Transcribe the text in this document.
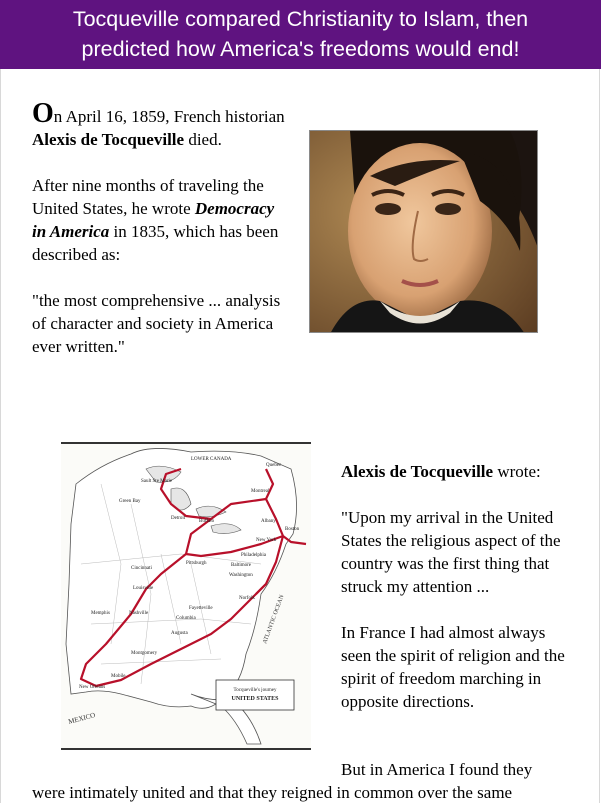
Tocqueville compared Christianity to Islam, then
predicted how America's freedoms would end!

On April 16, 1859, French historian Alexis de Tocqueville died.

After nine months of traveling the United States, he wrote Democracy in America in 1835, which has been described as:

"the most comprehensive ... analysis of character and society in America ever written."

LOWER CANADA
Quebec
Montreal
Albany
Boston
New York
Philadelphia
Baltimore
Washington
Norfolk
Pittsburgh
Cincinnati
Louisville
Nashville
Memphis
Detroit
Buffalo
Green Bay
Sault Ste Marie
Mobile
Montgomery
Augusta
Columbia
Fayetteville
New Orleans
ATLANTIC OCEAN
MEXICO
Tocqueville's journey
UNITED STATES

Alexis de Tocqueville wrote:

"Upon my arrival in the United States the religious aspect of the country was the first thing that struck my attention ...

In France I had almost always seen the spirit of religion and the spirit of freedom marching in opposite directions.

But in America I found they
were intimately united and that they reigned in common over the same
